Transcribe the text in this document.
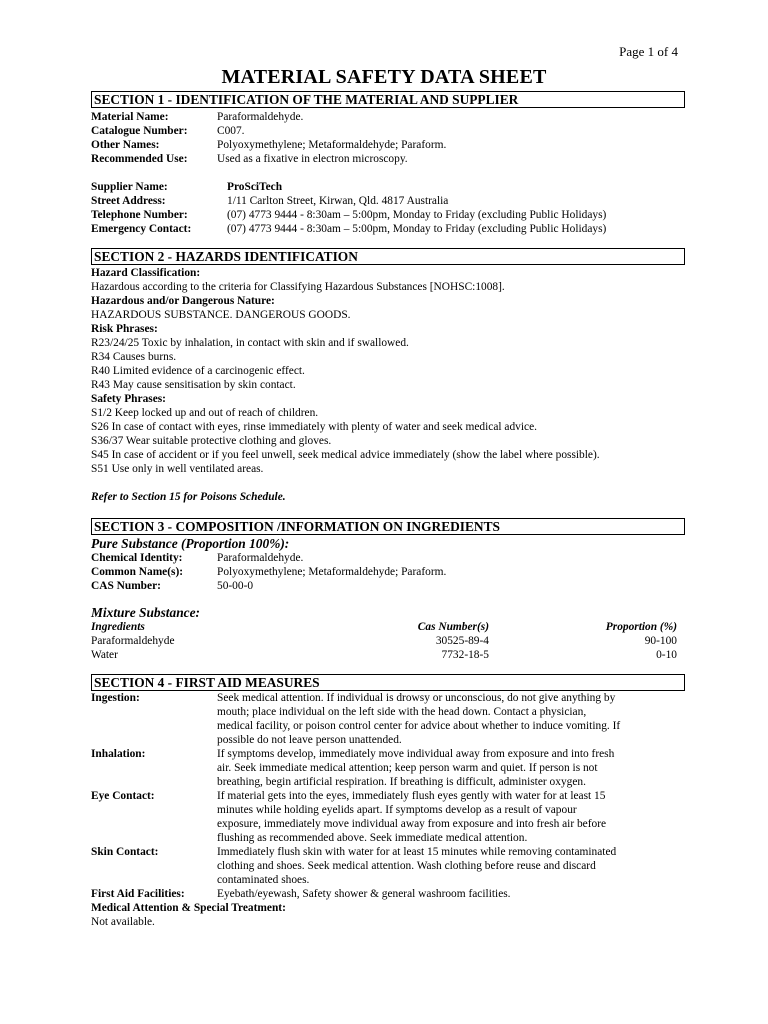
Page 1 of 4
MATERIAL SAFETY DATA SHEET
SECTION 1 - IDENTIFICATION OF THE MATERIAL AND SUPPLIER
Material Name:	Paraformaldehyde.
Catalogue Number:	C007.
Other Names:	Polyoxymethylene; Metaformaldehyde; Paraform.
Recommended Use:	Used as a fixative in electron microscopy.
Supplier Name:	ProSciTech
Street Address:	1/11 Carlton Street, Kirwan, Qld. 4817 Australia
Telephone Number:	(07) 4773 9444 - 8:30am – 5:00pm, Monday to Friday (excluding Public Holidays)
Emergency Contact:	(07) 4773 9444 - 8:30am – 5:00pm, Monday to Friday (excluding Public Holidays)
SECTION 2 - HAZARDS IDENTIFICATION
Hazard Classification:
Hazardous according to the criteria for Classifying Hazardous Substances [NOHSC:1008].
Hazardous and/or Dangerous Nature:
HAZARDOUS SUBSTANCE. DANGEROUS GOODS.
Risk Phrases:
R23/24/25 Toxic by inhalation, in contact with skin and if swallowed.
R34 Causes burns.
R40 Limited evidence of a carcinogenic effect.
R43 May cause sensitisation by skin contact.
Safety Phrases:
S1/2 Keep locked up and out of reach of children.
S26 In case of contact with eyes, rinse immediately with plenty of water and seek medical advice.
S36/37 Wear suitable protective clothing and gloves.
S45 In case of accident or if you feel unwell, seek medical advice immediately (show the label where possible).
S51 Use only in well ventilated areas.
Refer to Section 15 for Poisons Schedule.
SECTION 3 - COMPOSITION /INFORMATION ON INGREDIENTS
Pure Substance (Proportion 100%):
Chemical Identity:	Paraformaldehyde.
Common Name(s):	Polyoxymethylene; Metaformaldehyde; Paraform.
CAS Number:	50-00-0
Mixture Substance:
Ingredients	Cas Number(s)	Proportion (%)
Paraformaldehyde	30525-89-4	90-100
Water	7732-18-5	0-10
SECTION 4 - FIRST AID MEASURES
Ingestion:	Seek medical attention. If individual is drowsy or unconscious, do not give anything by
mouth; place individual on the left side with the head down. Contact a physician,
medical facility, or poison control center for advice about whether to induce vomiting. If
possible do not leave person unattended.
Inhalation:	If symptoms develop, immediately move individual away from exposure and into fresh
air. Seek immediate medical attention; keep person warm and quiet. If person is not
breathing, begin artificial respiration. If breathing is difficult, administer oxygen.
Eye Contact:	If material gets into the eyes, immediately flush eyes gently with water for at least 15
minutes while holding eyelids apart. If symptoms develop as a result of vapour
exposure, immediately move individual away from exposure and into fresh air before
flushing as recommended above. Seek immediate medical attention.
Skin Contact:	Immediately flush skin with water for at least 15 minutes while removing contaminated
clothing and shoes. Seek medical attention. Wash clothing before reuse and discard
contaminated shoes.
First Aid Facilities:	Eyebath/eyewash, Safety shower & general washroom facilities.
Medical Attention & Special Treatment:
Not available.
